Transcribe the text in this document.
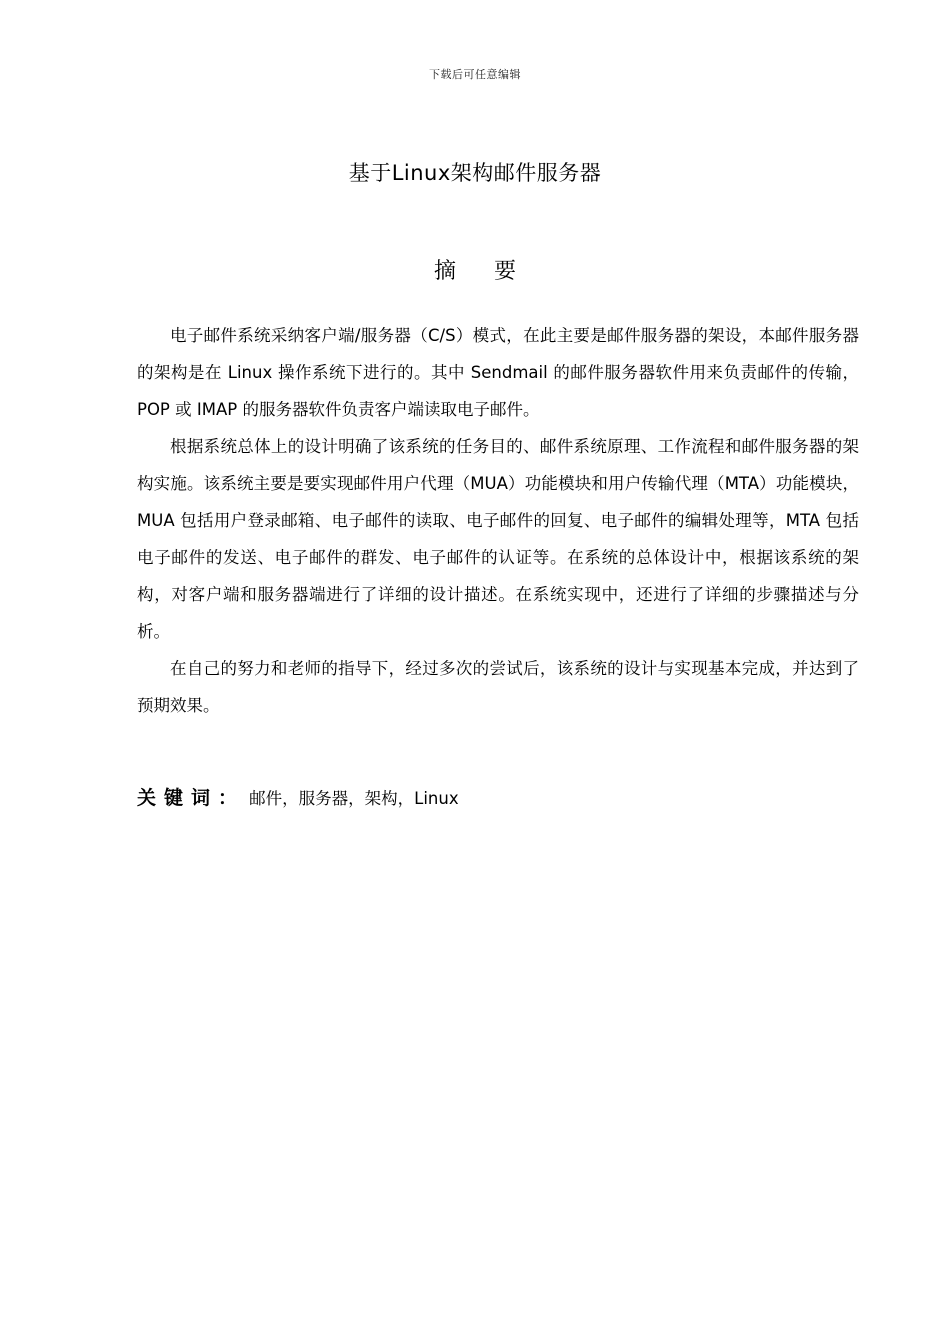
下载后可任意编辑
基于Linux架构邮件服务器
摘要

电子邮件系统采纳客户端/服务器（C/S）模式，在此主要是邮件服务器的架设，本邮件服务器的架构是在 Linux 操作系统下进行的。其中 Sendmail 的邮件服务器软件用来负责邮件的传输， POP 或 IMAP 的服务器软件负责客户端读取电子邮件。

根据系统总体上的设计明确了该系统的任务目的、邮件系统原理、工作流程和邮件服务器的架构实施。该系统主要是要实现邮件用户代理（MUA）功能模块和用户传输代理（MTA）功能模块，MUA 包括用户登录邮箱、电子邮件的读取、电子邮件的回复、电子邮件的编辑处理等，MTA 包括电子邮件的发送、电子邮件的群发、电子邮件的认证等。在系统的总体设计中，根据该系统的架构，对客户端和服务器端进行了详细的设计描述。在系统实现中，还进行了详细的步骤描述与分析。

在自己的努力和老师的指导下，经过多次的尝试后，该系统的设计与实现基本完成，并达到了预期效果。

关键词： 邮件，服务器，架构，Linux
